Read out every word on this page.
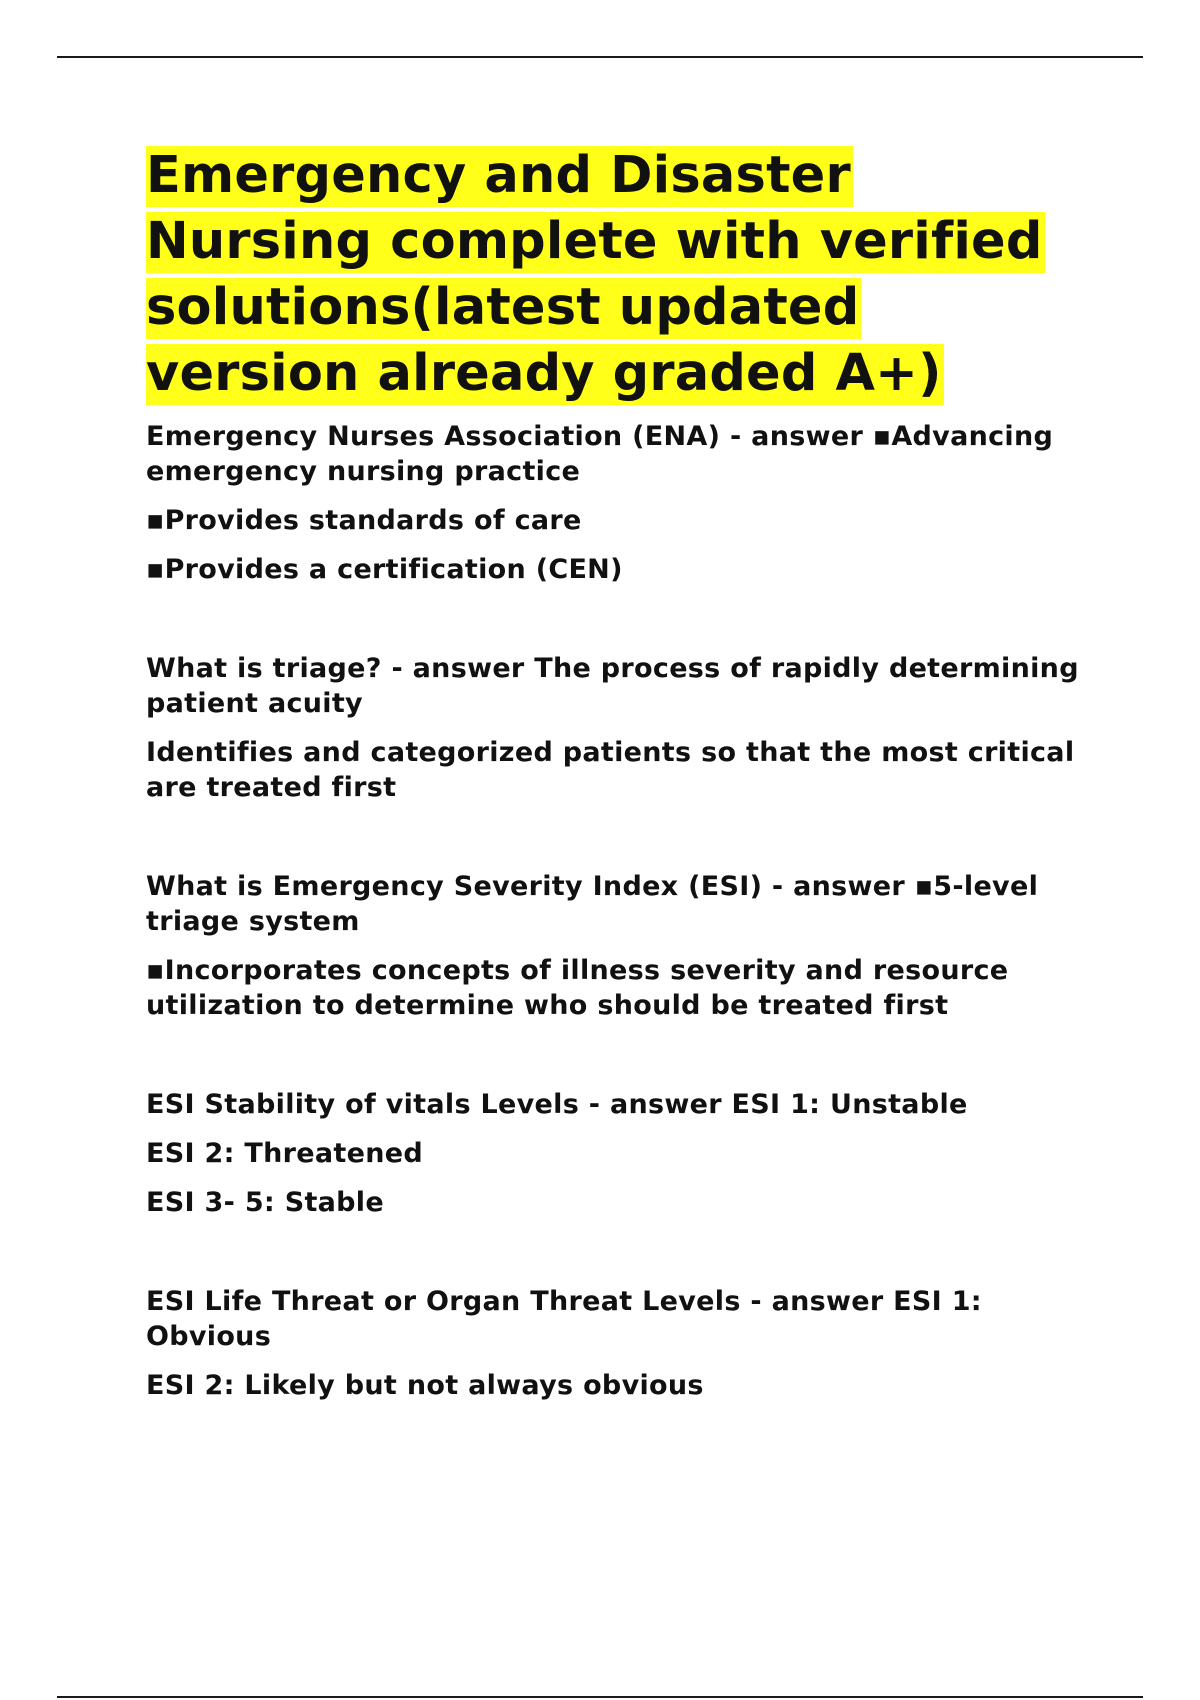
Emergency and Disaster Nursing complete with verified solutions(latest updated version already graded A+)

Emergency Nurses Association (ENA) - answer ▪Advancing emergency nursing practice

▪Provides standards of care

▪Provides a certification (CEN)

What is triage? - answer The process of rapidly determining patient acuity

Identifies and categorized patients so that the most critical are treated first

What is Emergency Severity Index (ESI) - answer ▪5-level triage system

▪Incorporates concepts of illness severity and resource utilization to determine who should be treated first

ESI Stability of vitals Levels - answer ESI 1: Unstable

ESI 2: Threatened

ESI 3- 5: Stable

ESI Life Threat or Organ Threat Levels - answer ESI 1: Obvious

ESI 2: Likely but not always obvious
